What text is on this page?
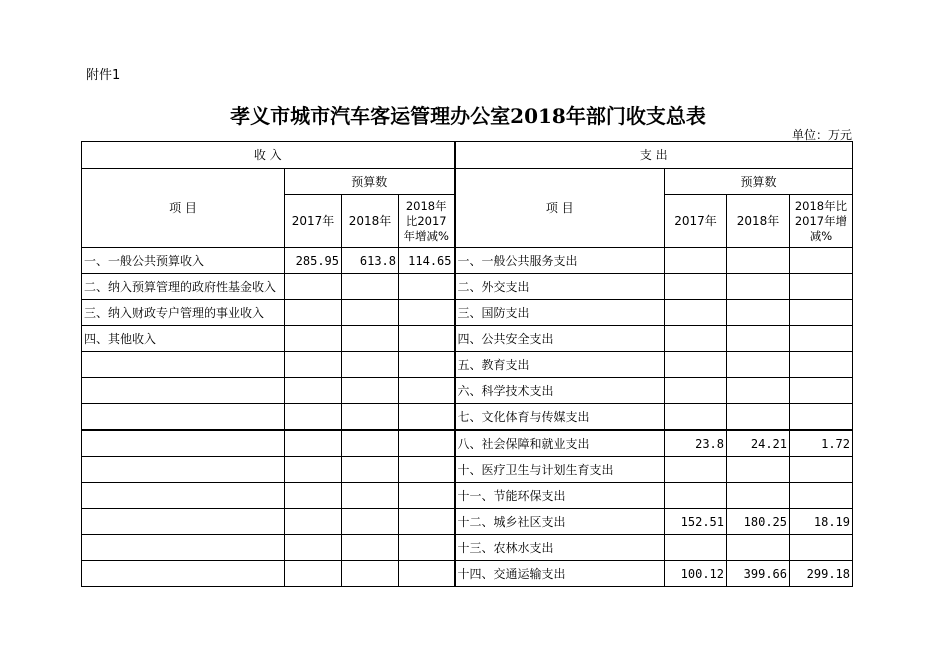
附件1
孝义市城市汽车客运管理办公室2018年部门收支总表
单位：万元
收 入				支 出			
项 目	预算数			项 目	预算数		
	2017年	2018年	2018年比2017年增减%		2017年	2018年	2018年比2017年增减%
一、一般公共预算收入	285.95	613.8	114.65	一、一般公共服务支出			
二、纳入预算管理的政府性基金收入				二、外交支出			
三、纳入财政专户管理的事业收入				三、国防支出			
四、其他收入				四、公共安全支出			
				五、教育支出			
				六、科学技术支出			
				七、文化体育与传媒支出			
				八、社会保障和就业支出	23.8	24.21	1.72
				十、医疗卫生与计划生育支出			
				十一、节能环保支出			
				十二、城乡社区支出	152.51	180.25	18.19
				十三、农林水支出			
				十四、交通运输支出	100.12	399.66	299.18
